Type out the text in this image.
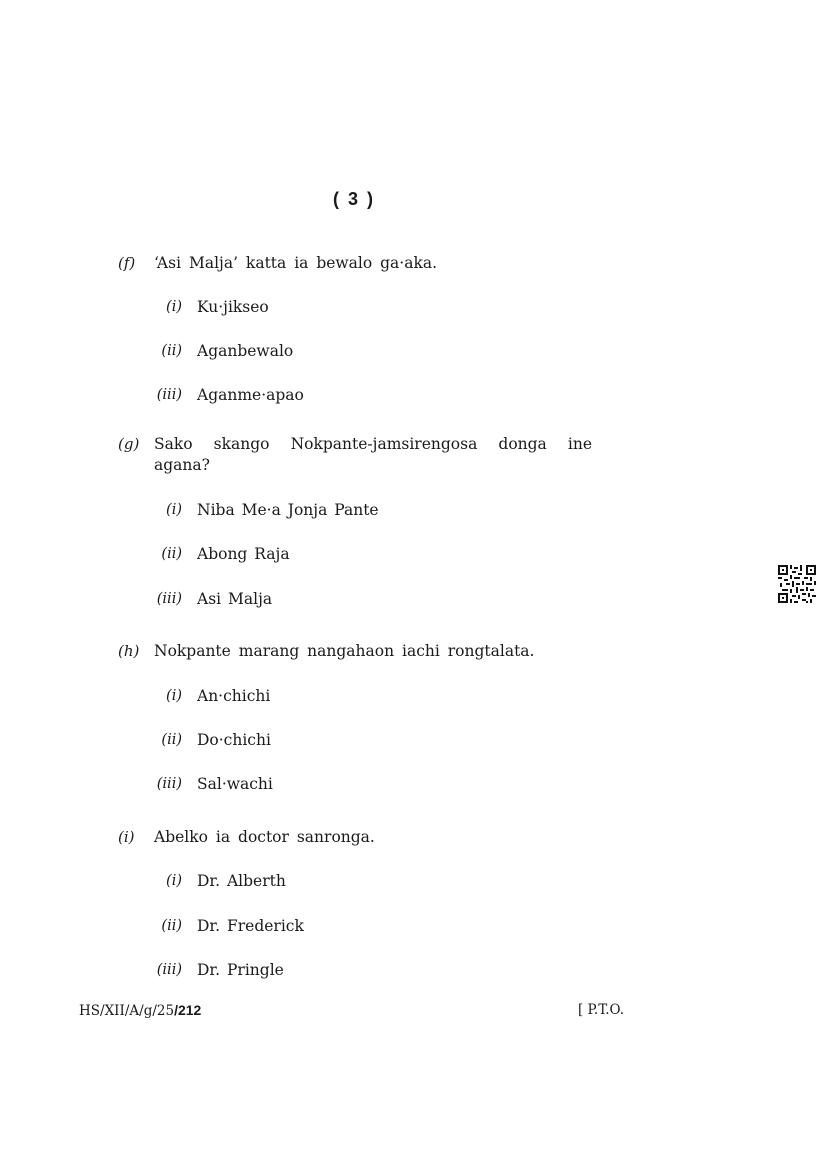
( 3 )
(f) ‘Asi Malja’ katta ia bewalo ga·aka.
(i) Ku·jikseo
(ii) Aganbewalo
(iii) Aganme·apao
(g) Sako skango Nokpante-jamsirengosa donga ine agana?
(i) Niba Me·a Jonja Pante
(ii) Abong Raja
(iii) Asi Malja
(h) Nokpante marang nangahaon iachi rongtalata.
(i) An·chichi
(ii) Do·chichi
(iii) Sal·wachi
(i) Abelko ia doctor sanronga.
(i) Dr. Alberth
(ii) Dr. Frederick
(iii) Dr. Pringle
HS/XII/A/g/25/212	[ P.T.O.
